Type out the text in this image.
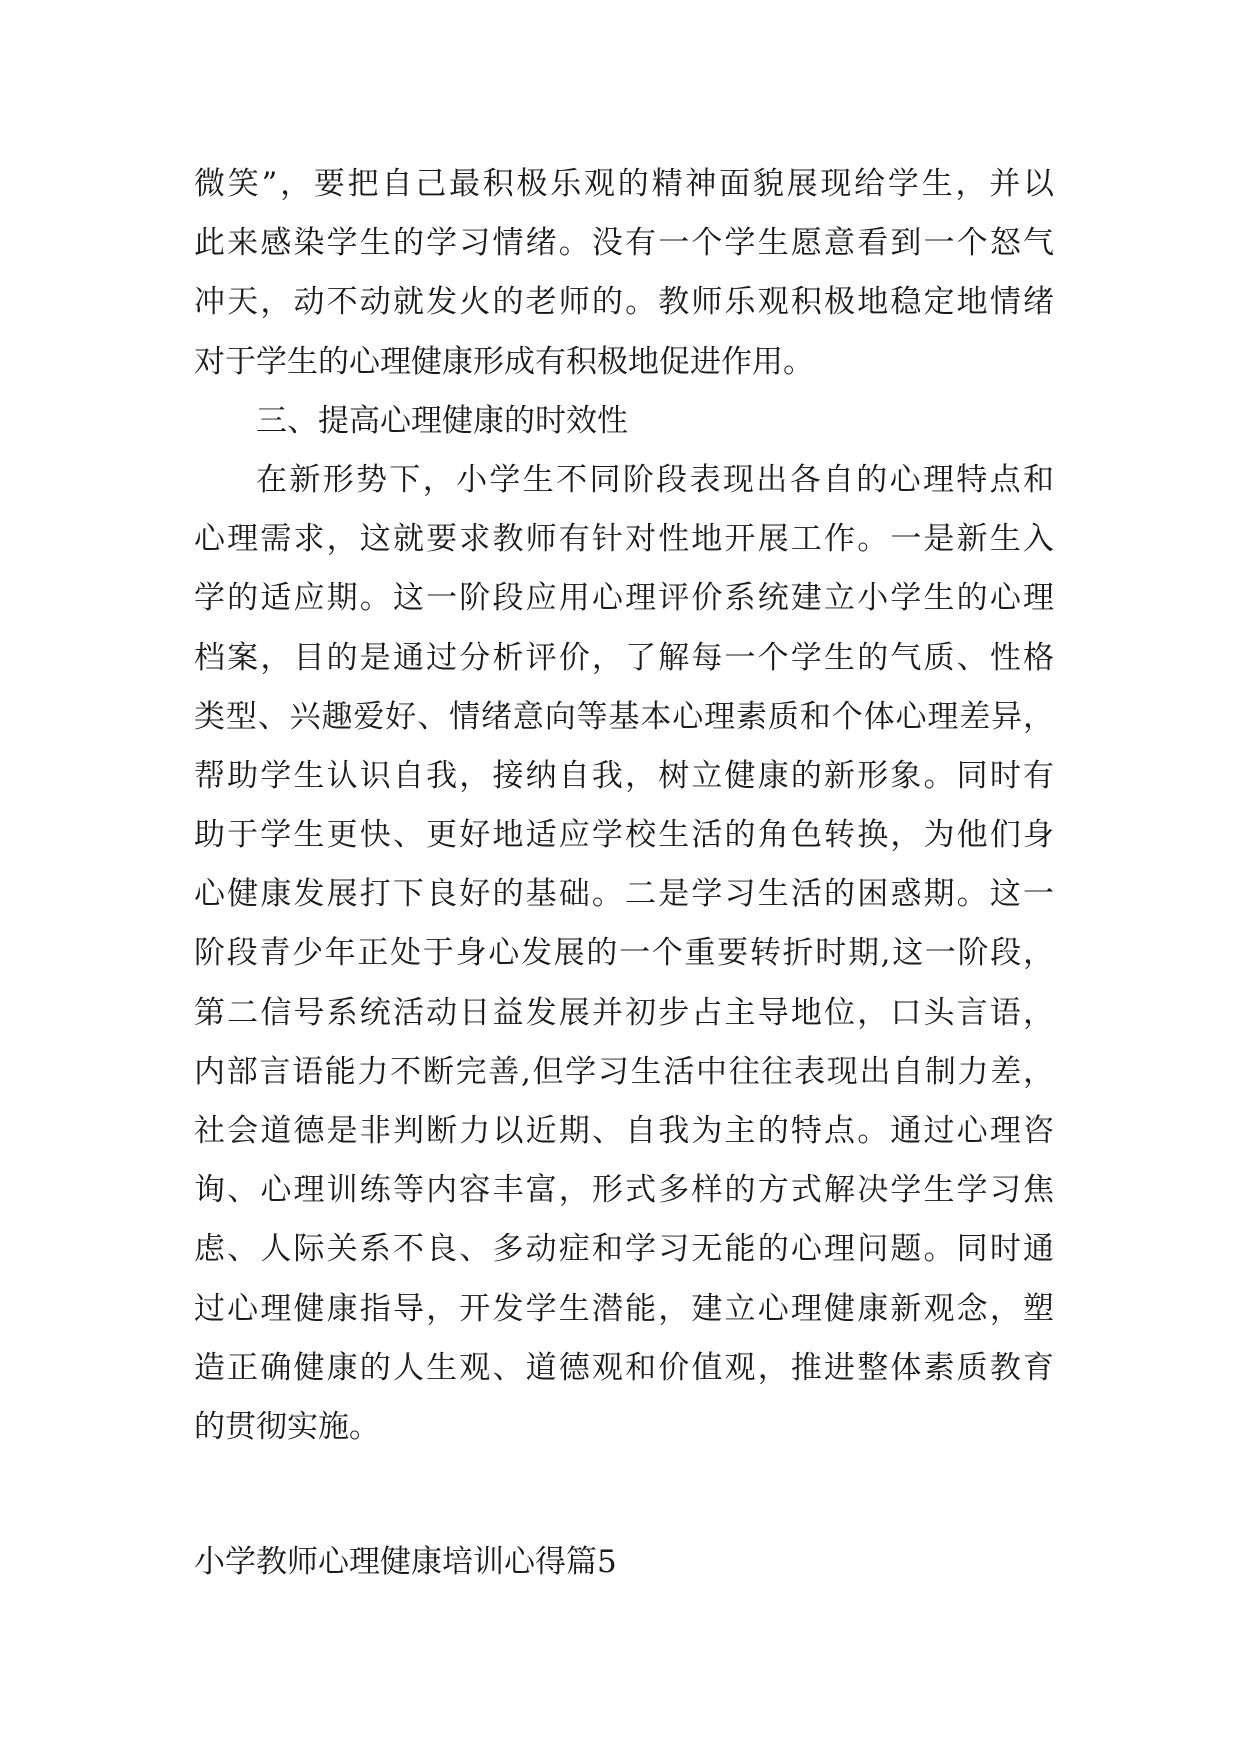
微笑”，要把自己最积极乐观的精神面貌展现给学生，并以
此来感染学生的学习情绪。没有一个学生愿意看到一个怒气
冲天，动不动就发火的老师的。教师乐观积极地稳定地情绪
对于学生的心理健康形成有积极地促进作用。
三、提高心理健康的时效性
在新形势下，小学生不同阶段表现出各自的心理特点和
心理需求，这就要求教师有针对性地开展工作。一是新生入
学的适应期。这一阶段应用心理评价系统建立小学生的心理
档案，目的是通过分析评价，了解每一个学生的气质、性格
类型、兴趣爱好、情绪意向等基本心理素质和个体心理差异，
帮助学生认识自我，接纳自我，树立健康的新形象。同时有
助于学生更快、更好地适应学校生活的角色转换，为他们身
心健康发展打下良好的基础。二是学习生活的困惑期。这一
阶段青少年正处于身心发展的一个重要转折时期,这一阶段，
第二信号系统活动日益发展并初步占主导地位，口头言语，
内部言语能力不断完善,但学习生活中往往表现出自制力差，
社会道德是非判断力以近期、自我为主的特点。通过心理咨
询、心理训练等内容丰富，形式多样的方式解决学生学习焦
虑、人际关系不良、多动症和学习无能的心理问题。同时通
过心理健康指导，开发学生潜能，建立心理健康新观念，塑
造正确健康的人生观、道德观和价值观，推进整体素质教育
的贯彻实施。
小学教师心理健康培训心得篇5
